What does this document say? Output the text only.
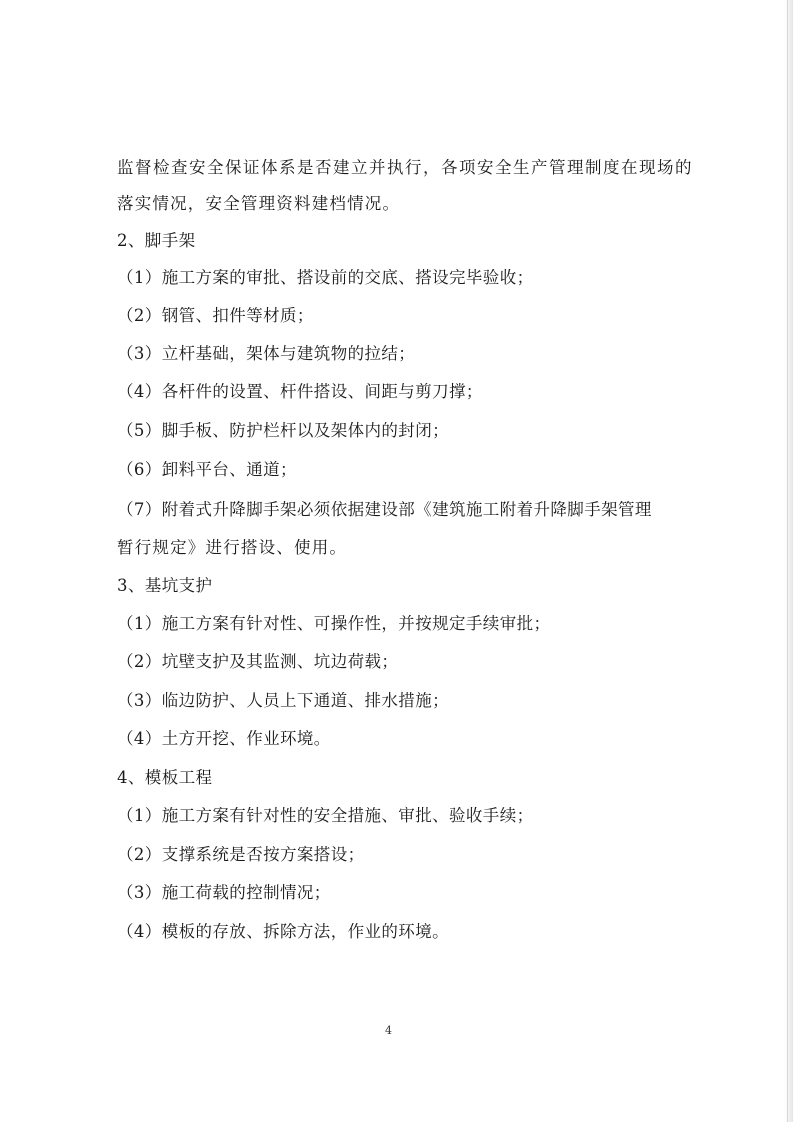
监督检查安全保证体系是否建立并执行，各项安全生产管理制度在现场的
落实情况，安全管理资料建档情况。
2、脚手架
（1）施工方案的审批、搭设前的交底、搭设完毕验收；
（2）钢管、扣件等材质；
（3）立杆基础，架体与建筑物的拉结；
（4）各杆件的设置、杆件搭设、间距与剪刀撑；
（5）脚手板、防护栏杆以及架体内的封闭；
（6）卸料平台、通道；
（7）附着式升降脚手架必须依据建设部《建筑施工附着升降脚手架管理
暂行规定》进行搭设、使用。
3、基坑支护
（1）施工方案有针对性、可操作性，并按规定手续审批；
（2）坑壁支护及其监测、坑边荷载；
（3）临边防护、人员上下通道、排水措施；
（4）土方开挖、作业环境。
4、模板工程
（1）施工方案有针对性的安全措施、审批、验收手续；
（2）支撑系统是否按方案搭设；
（3）施工荷载的控制情况；
（4）模板的存放、拆除方法，作业的环境。
4
